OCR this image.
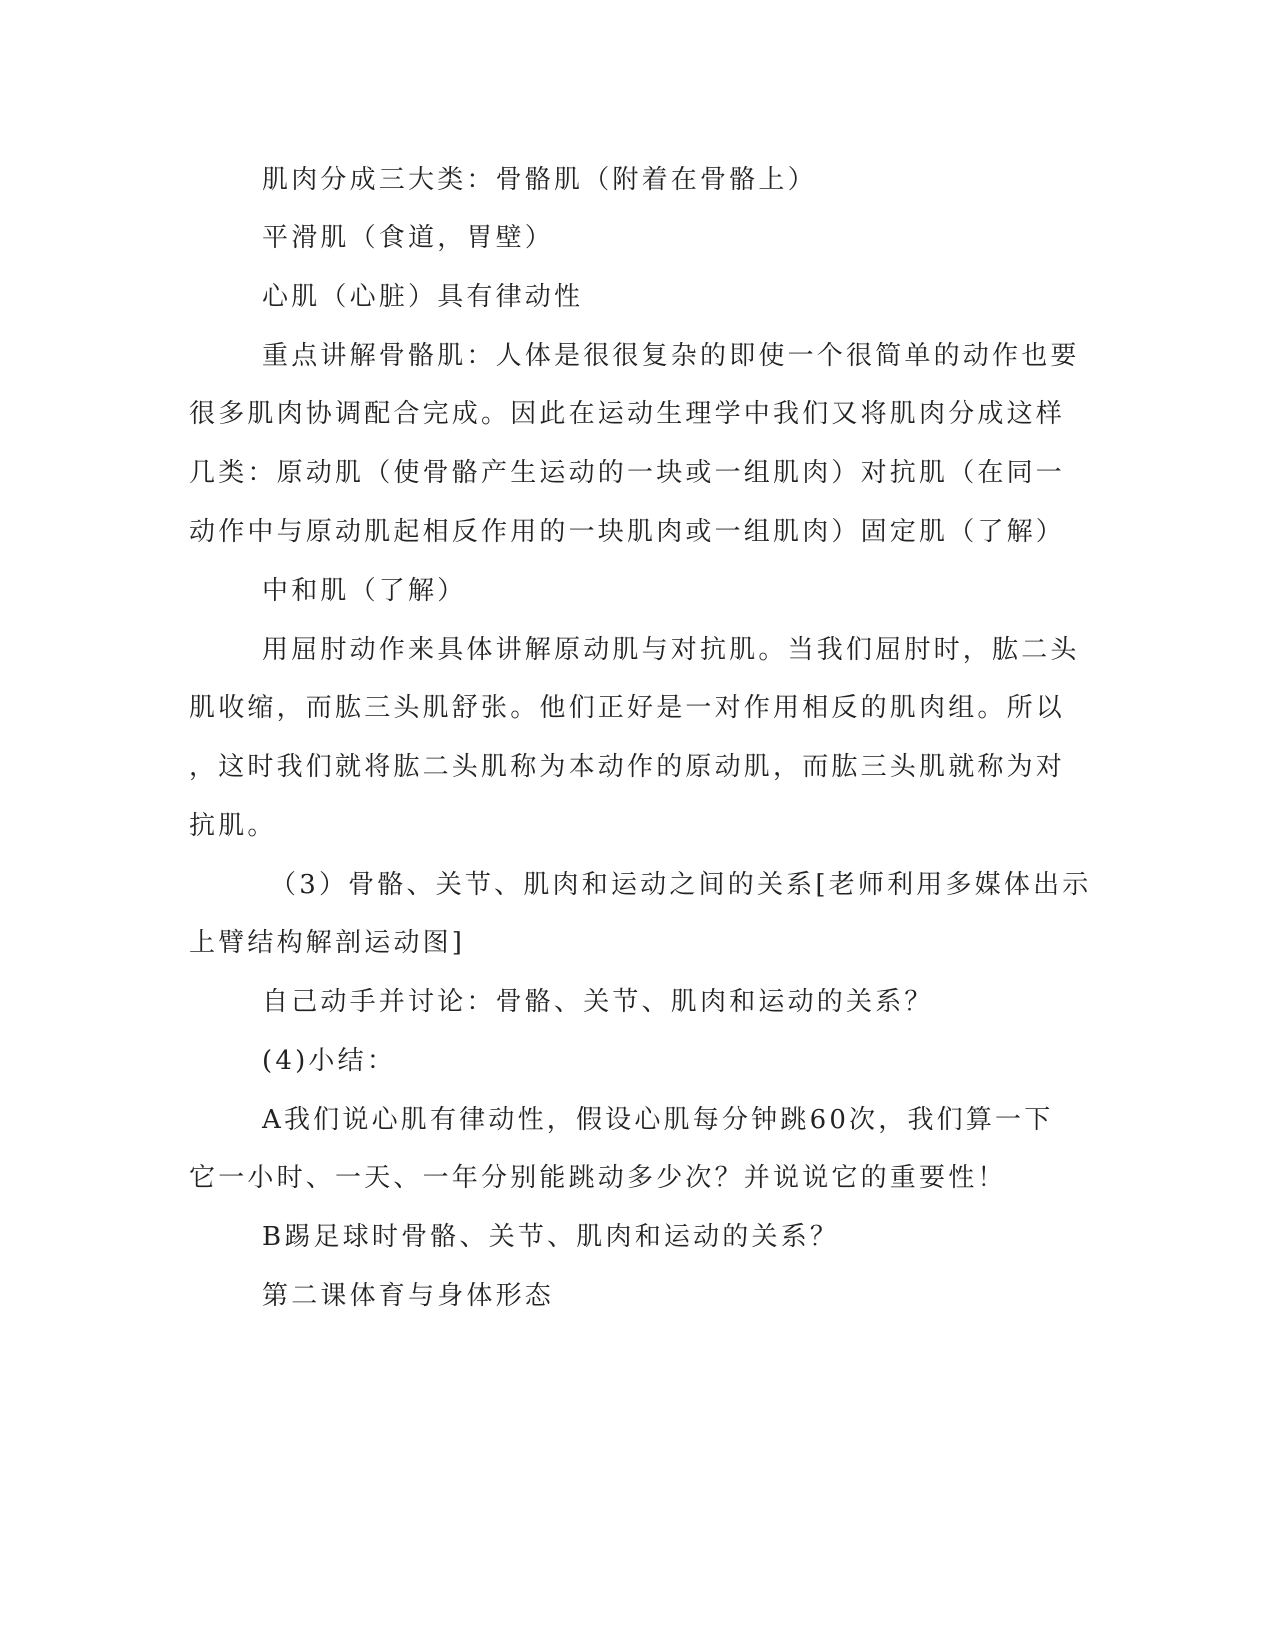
肌肉分成三大类：骨骼肌（附着在骨骼上）
平滑肌（食道，胃壁）
心肌（心脏）具有律动性
重点讲解骨骼肌：人体是很很复杂的即使一个很简单的动作也要
很多肌肉协调配合完成。因此在运动生理学中我们又将肌肉分成这样
几类：原动肌（使骨骼产生运动的一块或一组肌肉）对抗肌（在同一
动作中与原动肌起相反作用的一块肌肉或一组肌肉）固定肌（了解）
中和肌（了解）
用屈肘动作来具体讲解原动肌与对抗肌。当我们屈肘时，肱二头
肌收缩，而肱三头肌舒张。他们正好是一对作用相反的肌肉组。所以
，这时我们就将肱二头肌称为本动作的原动肌，而肱三头肌就称为对
抗肌。
（3）骨骼、关节、肌肉和运动之间的关系[老师利用多媒体出示
上臂结构解剖运动图]
自己动手并讨论：骨骼、关节、肌肉和运动的关系？
(4)小结：
A我们说心肌有律动性，假设心肌每分钟跳60次，我们算一下
它一小时、一天、一年分别能跳动多少次？并说说它的重要性！
B踢足球时骨骼、关节、肌肉和运动的关系？
第二课体育与身体形态
